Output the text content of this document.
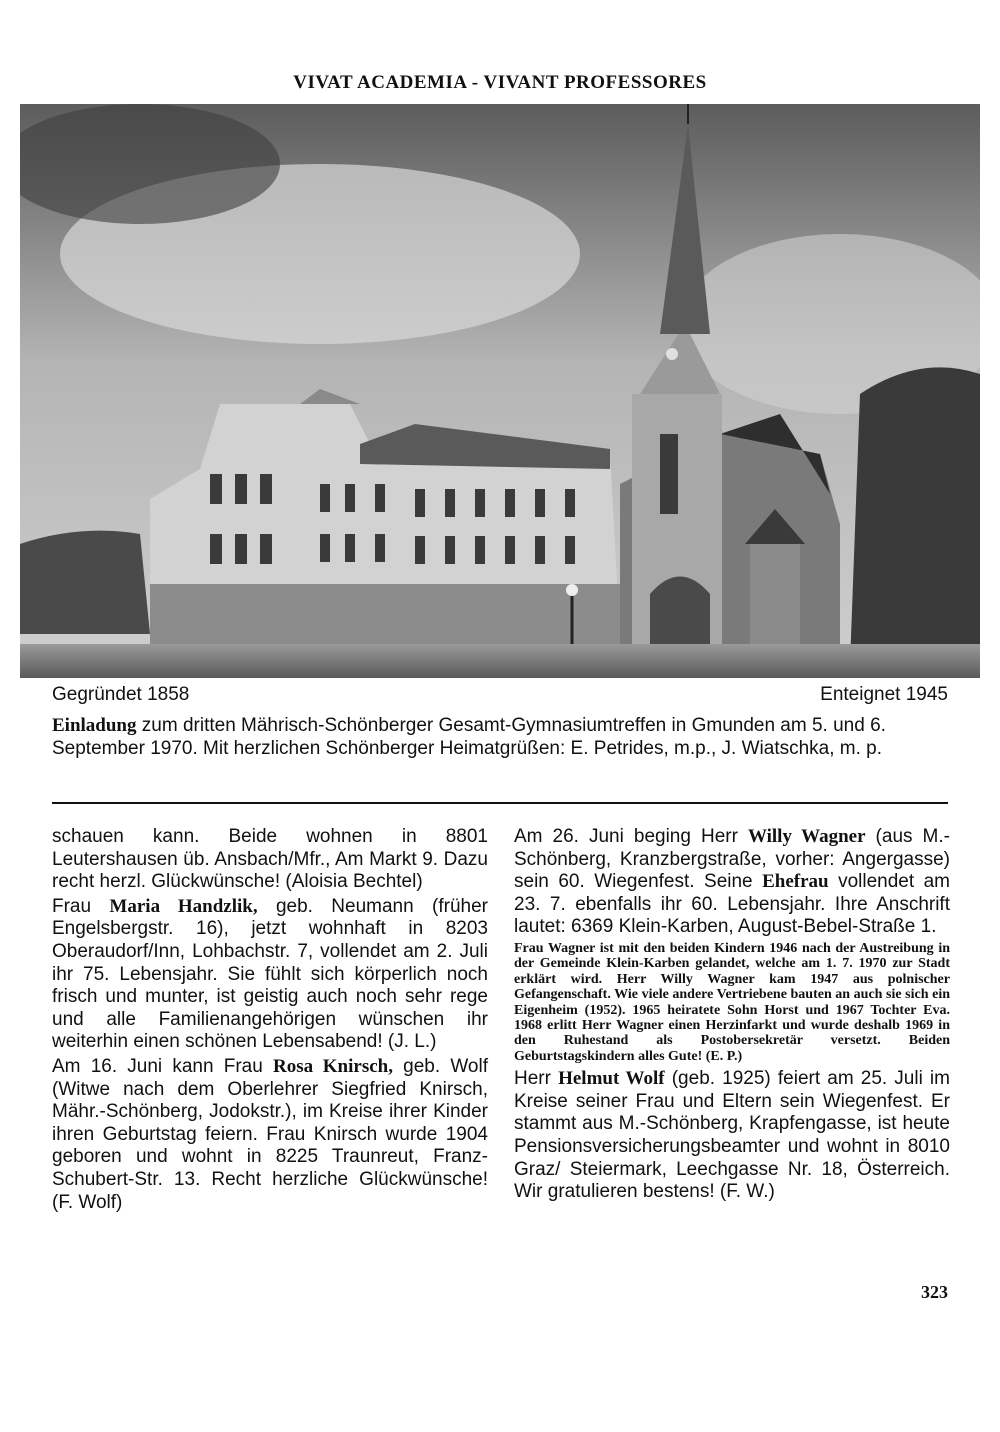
VIVAT ACADEMIA - VIVANT PROFESSORES
Gegründet 1858	Enteignet 1945
Einladung zum dritten Mährisch-Schönberger Gesamt-Gymnasiumtreffen in Gmunden am 5. und 6. September 1970. Mit herzlichen Schönberger Heimatgrüßen: E. Petrides, m.p., J. Wiatschka, m. p.

schauen kann. Beide wohnen in 8801 Leutershausen üb. Ansbach/Mfr., Am Markt 9. Dazu recht herzl. Glückwünsche! (Aloisia Bechtel)

Frau Maria Handzlik, geb. Neumann (früher Engelsbergstr. 16), jetzt wohnhaft in 8203 Oberaudorf/Inn, Lohbachstr. 7, vollendet am 2. Juli ihr 75. Lebensjahr. Sie fühlt sich körperlich noch frisch und munter, ist geistig auch noch sehr rege und alle Familienangehörigen wünschen ihr weiterhin einen schönen Lebensabend! (J. L.)

Am 16. Juni kann Frau Rosa Knirsch, geb. Wolf (Witwe nach dem Oberlehrer Siegfried Knirsch, Mähr.-Schönberg, Jodokstr.), im Kreise ihrer Kinder ihren Geburtstag feiern. Frau Knirsch wurde 1904 geboren und wohnt in 8225 Traunreut, Franz-Schubert-Str. 13. Recht herzliche Glückwünsche! (F. Wolf)

Am 26. Juni beging Herr Willy Wagner (aus M.-Schönberg, Kranzbergstraße, vorher: Angergasse) sein 60. Wiegenfest. Seine Ehefrau vollendet am 23. 7. ebenfalls ihr 60. Lebensjahr. Ihre Anschrift lautet: 6369 Klein-Karben, August-Bebel-Straße 1.

Frau Wagner ist mit den beiden Kindern 1946 nach der Austreibung in der Gemeinde Klein-Karben gelandet, welche am 1. 7. 1970 zur Stadt erklärt wird. Herr Willy Wagner kam 1947 aus polnischer Gefangenschaft. Wie viele andere Vertriebene bauten an auch sie sich ein Eigenheim (1952). 1965 heiratete Sohn Horst und 1967 Tochter Eva. 1968 erlitt Herr Wagner einen Herzinfarkt und wurde deshalb 1969 in den Ruhestand als Postobersekretär versetzt. Beiden Geburtstagskindern alles Gute! (E. P.)

Herr Helmut Wolf (geb. 1925) feiert am 25. Juli im Kreise seiner Frau und Eltern sein Wiegenfest. Er stammt aus M.-Schönberg, Krapfengasse, ist heute Pensionsversicherungsbeamter und wohnt in 8010 Graz/ Steiermark, Leechgasse Nr. 18, Österreich. Wir gratulieren bestens! (F. W.)

323
